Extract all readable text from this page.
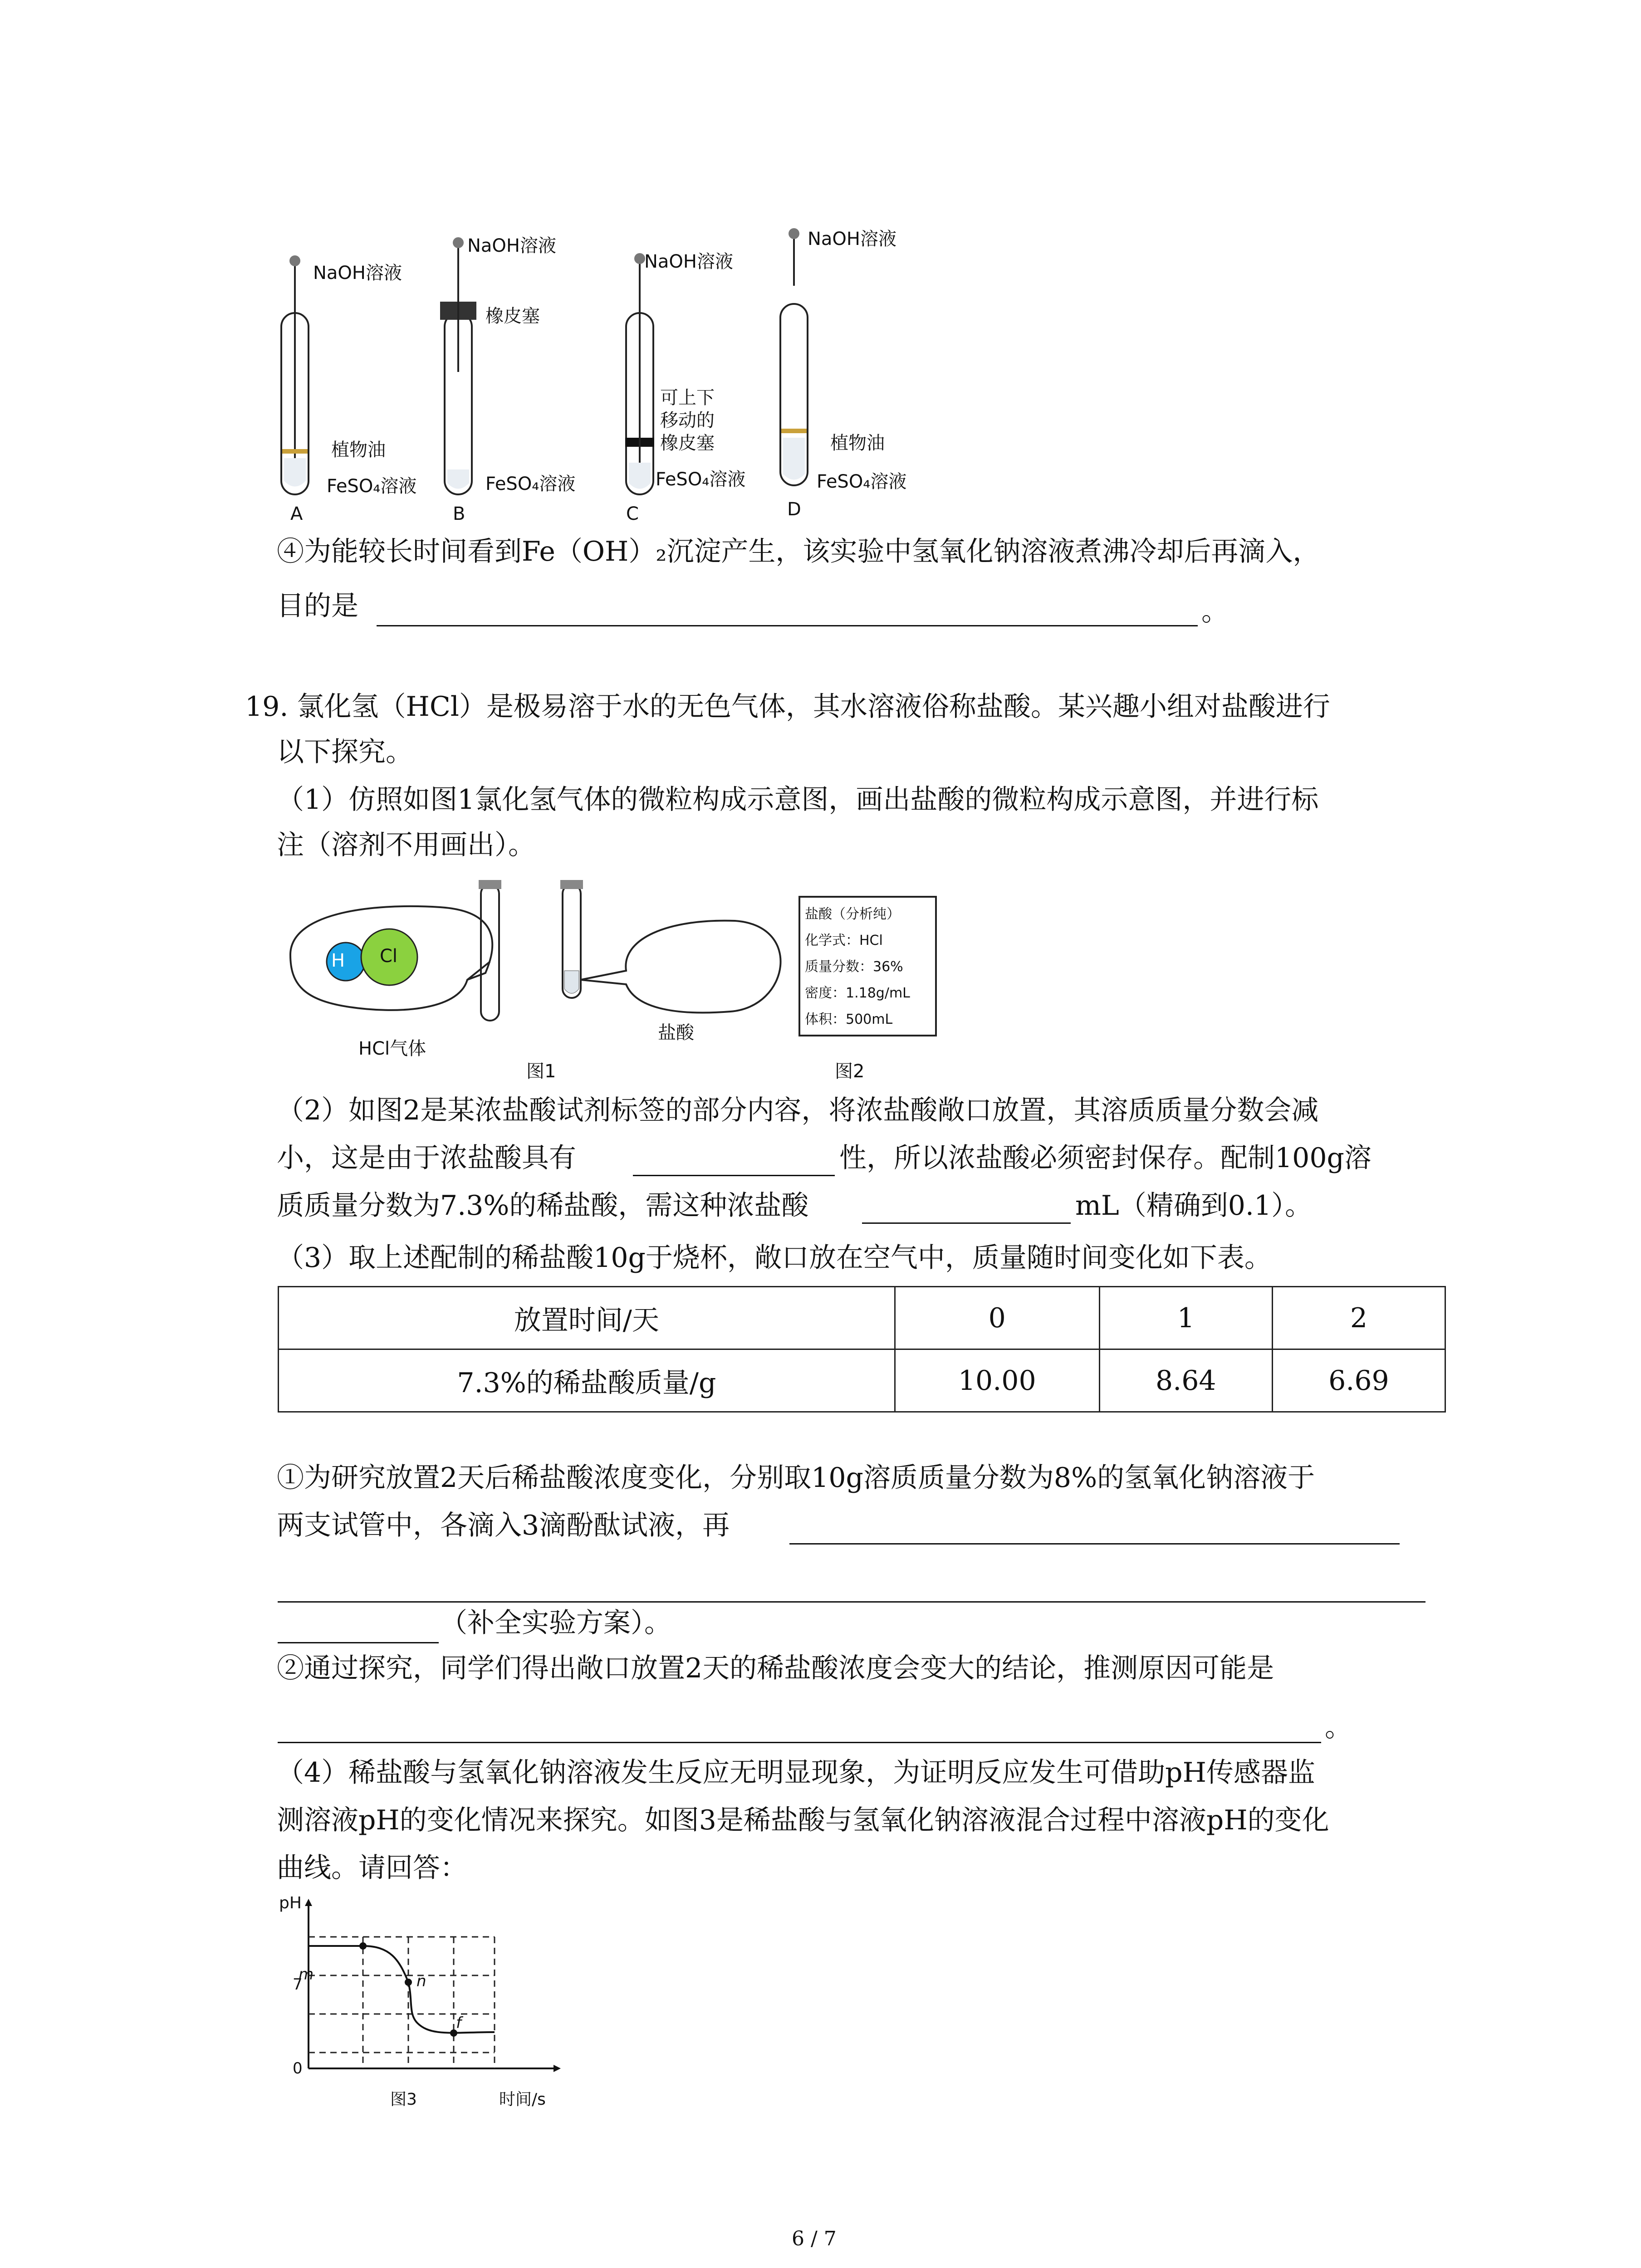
NaOH溶液
植物油
FeSO₄溶液
A
NaOH溶液
橡皮塞
FeSO₄溶液
B
NaOH溶液
可上下
移动的
橡皮塞
FeSO₄溶液
C
NaOH溶液
植物油
FeSO₄溶液
D
④为能较长时间看到Fe（OH）₂沉淀产生，该实验中氢氧化钠溶液煮沸冷却后再滴入，
目的是	。
19. 氯化氢（HCl）是极易溶于水的无色气体，其水溶液俗称盐酸。某兴趣小组对盐酸进行
以下探究。
（1）仿照如图1氯化氢气体的微粒构成示意图，画出盐酸的微粒构成示意图，并进行标
注（溶剂不用画出）。
H Cl
HCl气体
盐酸
图1
盐酸（分析纯）
化学式：HCl
质量分数：36%
密度：1.18g/mL
体积：500mL
图2
（2）如图2是某浓盐酸试剂标签的部分内容，将浓盐酸敞口放置，其溶质质量分数会减
小，这是由于浓盐酸具有	性，所以浓盐酸必须密封保存。配制100g溶
质质量分数为7.3%的稀盐酸，需这种浓盐酸	mL（精确到0.1）。
（3）取上述配制的稀盐酸10g于烧杯，敞口放在空气中，质量随时间变化如下表。
放置时间/天	0	1	2
7.3%的稀盐酸质量/g	10.00	8.64	6.69
①为研究放置2天后稀盐酸浓度变化，分别取10g溶质质量分数为8%的氢氧化钠溶液于
两支试管中，各滴入3滴酚酞试液，再
（补全实验方案）。
②通过探究，同学们得出敞口放置2天的稀盐酸浓度会变大的结论，推测原因可能是
。
（4）稀盐酸与氢氧化钠溶液发生反应无明显现象，为证明反应发生可借助pH传感器监
测溶液pH的变化情况来探究。如图3是稀盐酸与氢氧化钠溶液混合过程中溶液pH的变化
曲线。请回答：
pH
m	n
f
7
0
图3	时间/s
6 / 7
